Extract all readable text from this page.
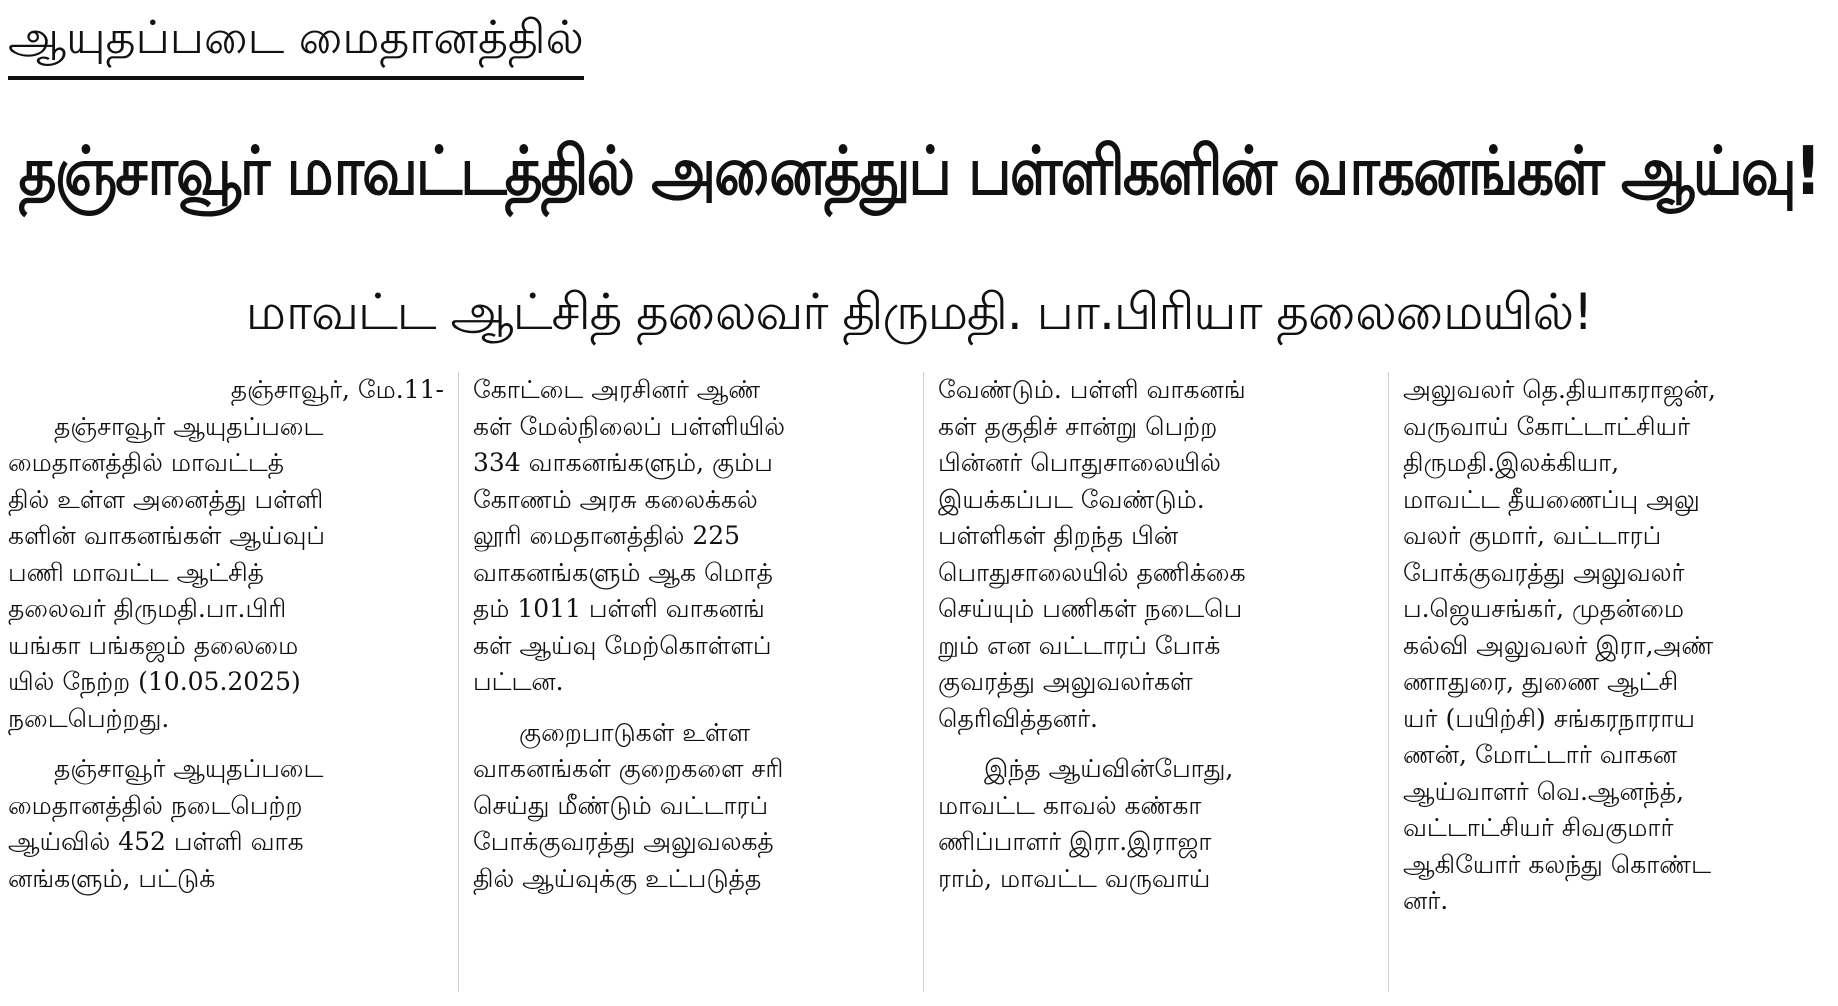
ஆயுதப்படை மைதானத்தில்
தஞ்சாவூர் மாவட்டத்தில் அனைத்துப் பள்ளிகளின் வாகனங்கள் ஆய்வு!
மாவட்ட ஆட்சித் தலைவர் திருமதி. பா.பிரியா தலைமையில்!
தஞ்சாவூர், மே.11-
தஞ்சாவூர் ஆயுதப்படை
மைதானத்தில் மாவட்டத்
தில் உள்ள அனைத்து பள்ளி
களின் வாகனங்கள் ஆய்வுப்
பணி மாவட்ட ஆட்சித்
தலைவர் திருமதி.பா.பிரி
யங்கா பங்கஜம் தலைமை
யில் நேற்ற (10.05.2025)
நடைபெற்றது.
தஞ்சாவூர் ஆயுதப்படை
மைதானத்தில் நடைபெற்ற
ஆய்வில் 452 பள்ளி வாக
னங்களும், பட்டுக்
கோட்டை அரசினர் ஆண்
கள் மேல்நிலைப் பள்ளியில்
334 வாகனங்களும், கும்ப
கோணம் அரசு கலைக்கல்
லூரி மைதானத்தில் 225
வாகனங்களும் ஆக மொத்
தம் 1011 பள்ளி வாகனங்
கள் ஆய்வு மேற்கொள்ளப்
பட்டன.
குறைபாடுகள் உள்ள
வாகனங்கள் குறைகளை சரி
செய்து மீண்டும் வட்டாரப்
போக்குவரத்து அலுவலகத்
தில் ஆய்வுக்கு உட்படுத்த
வேண்டும். பள்ளி வாகனங்
கள் தகுதிச் சான்று பெற்ற
பின்னர் பொதுசாலையில்
இயக்கப்பட வேண்டும்.
பள்ளிகள் திறந்த பின்
பொதுசாலையில் தணிக்கை
செய்யும் பணிகள் நடைபெ
றும் என வட்டாரப் போக்
குவரத்து அலுவலர்கள்
தெரிவித்தனர்.
இந்த ஆய்வின்போது,
மாவட்ட காவல் கண்கா
ணிப்பாளர் இரா.இராஜா
ராம், மாவட்ட வருவாய்
அலுவலர் தெ.தியாகராஜன்,
வருவாய் கோட்டாட்சியர்
திருமதி.இலக்கியா,
மாவட்ட தீயணைப்பு அலு
வலர் குமார், வட்டாரப்
போக்குவரத்து அலுவலர்
ப.ஜெயசங்கர், முதன்மை
கல்வி அலுவலர் இரா,அண்
ணாதுரை, துணை ஆட்சி
யர் (பயிற்சி) சங்கரநாராய
ணன், மோட்டார் வாகன
ஆய்வாளர் வெ.ஆனந்த்,
வட்டாட்சியர் சிவகுமார்
ஆகியோர் கலந்து கொண்ட
னர்.
